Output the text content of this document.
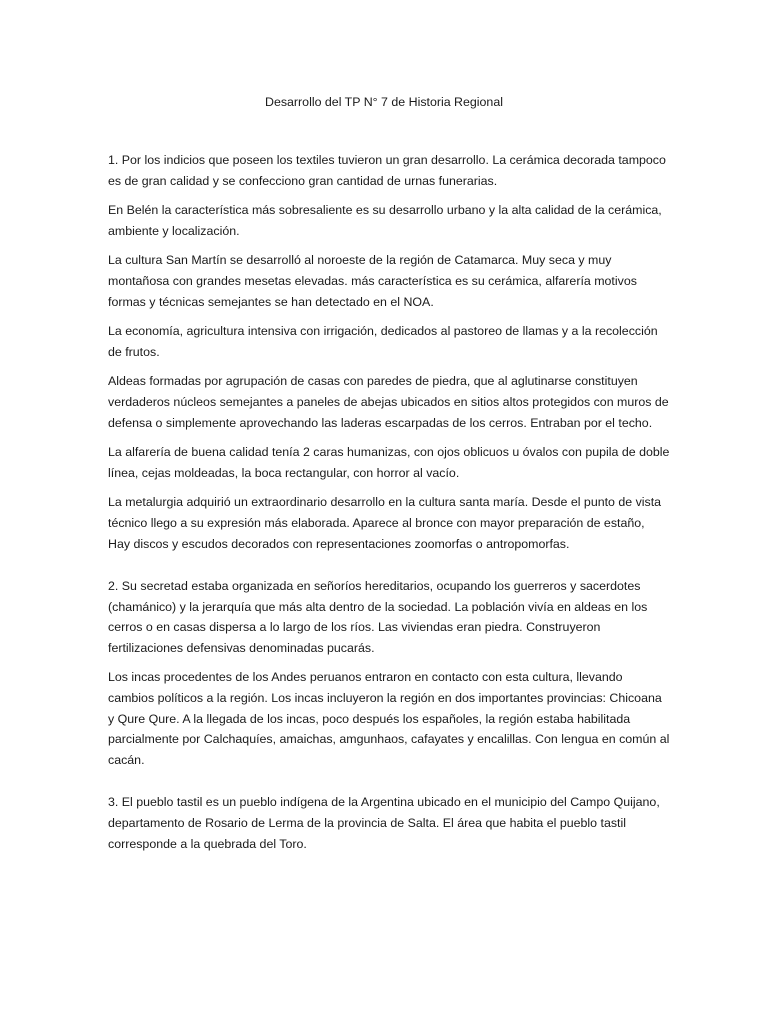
Desarrollo del TP N° 7 de Historia Regional

1. Por los indicios que poseen los textiles tuvieron un gran desarrollo. La cerámica decorada tampoco es de gran calidad y se confecciono gran cantidad de urnas funerarias.

En Belén la característica más sobresaliente es su desarrollo urbano y la alta calidad de la cerámica, ambiente y localización.

La cultura San Martín se desarrolló al noroeste de la región de Catamarca. Muy seca y muy montañosa con grandes mesetas elevadas. más característica es su cerámica, alfarería motivos formas y técnicas semejantes se han detectado en el NOA.

La economía, agricultura intensiva con irrigación, dedicados al pastoreo de llamas y a la recolección de frutos.

Aldeas formadas por agrupación de casas con paredes de piedra, que al aglutinarse constituyen verdaderos núcleos semejantes a paneles de abejas ubicados en sitios altos protegidos con muros de defensa o simplemente aprovechando las laderas escarpadas de los cerros. Entraban por el techo.

La alfarería de buena calidad tenía 2 caras humanizas, con ojos oblicuos u óvalos con pupila de doble línea, cejas moldeadas, la boca rectangular, con horror al vacío.

La metalurgia adquirió un extraordinario desarrollo en la cultura santa maría. Desde el punto de vista técnico llego a su expresión más elaborada. Aparece al bronce con mayor preparación de estaño, Hay discos y escudos decorados con representaciones zoomorfas o antropomorfas.

2. Su secretad estaba organizada en señoríos hereditarios, ocupando los guerreros y sacerdotes (chamánico) y la jerarquía que más alta dentro de la sociedad. La población vivía en aldeas en los cerros o en casas dispersa a lo largo de los ríos. Las viviendas eran piedra. Construyeron fertilizaciones defensivas denominadas pucarás.

Los incas procedentes de los Andes peruanos entraron en contacto con esta cultura, llevando cambios políticos a la región. Los incas incluyeron la región en dos importantes provincias: Chicoana y Qure Qure. A la llegada de los incas, poco después los españoles, la región estaba habilitada parcialmente por Calchaquíes, amaichas, amgunhaos, cafayates y encalillas. Con lengua en común al cacán.

3. El pueblo tastil es un pueblo indígena de la Argentina ubicado en el municipio del Campo Quijano, departamento de Rosario de Lerma de la provincia de Salta. El área que habita el pueblo tastil corresponde a la quebrada del Toro.
